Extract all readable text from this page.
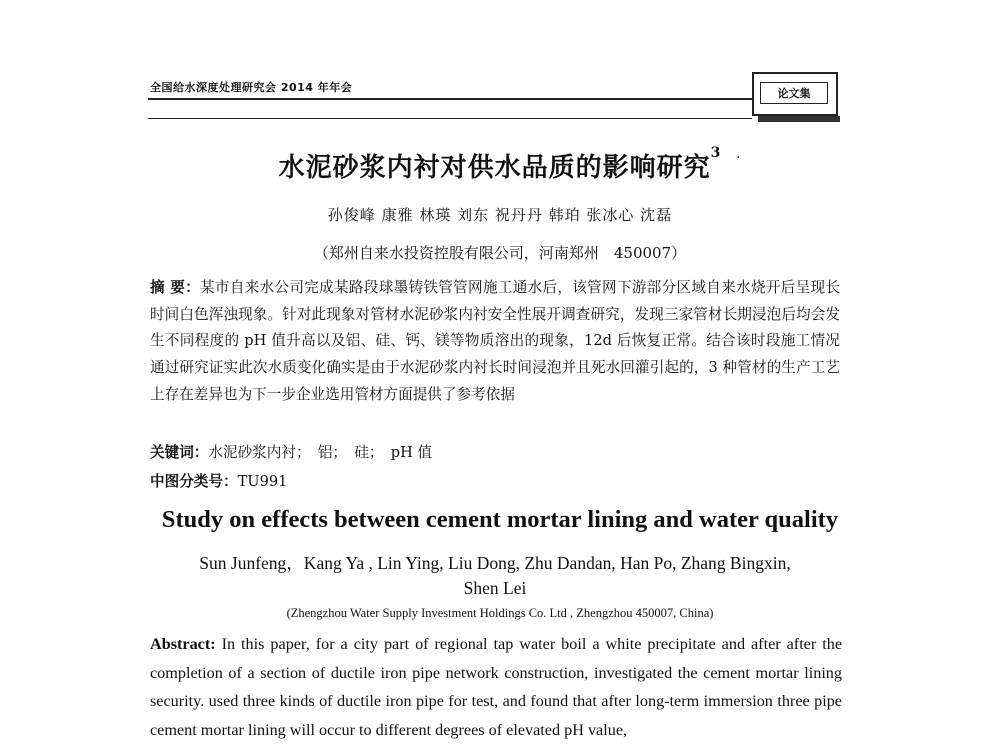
全国给水深度处理研究会 2014 年年会	论文集
水泥砂浆内衬对供水品质的影响研究$^3$	·
孙俊峰 康雅 林瑛 刘东 祝丹丹 韩珀 张冰心 沈磊
（郑州自来水投资控股有限公司，河南郑州　450007）
摘 要：某市自来水公司完成某路段球墨铸铁管管网施工通水后，该管网下游部分区域自来水烧开后呈现长时间白色浑浊现象。针对此现象对管材水泥砂浆内衬安全性展开调查研究，发现三家管材长期浸泡后均会发生不同程度的 pH 值升高以及铝、硅、钙、镁等物质溶出的现象，12d 后恢复正常。结合该时段施工情况通过研究证实此次水质变化确实是由于水泥砂浆内衬长时间浸泡并且死水回灌引起的，3 种管材的生产工艺上存在差异也为下一步企业选用管材方面提供了参考依据
关键词：水泥砂浆内衬；　铝；　硅；　pH 值
中图分类号：TU991
Study on effects between cement mortar lining and water quality
Sun Junfeng，Kang Ya , Lin Ying, Liu Dong, Zhu Dandan, Han Po, Zhang Bingxin,
Shen Lei
(Zhengzhou Water Supply Investment Holdings Co. Ltd , Zhengzhou 450007, China)
Abstract: In this paper, for a city part of regional tap water boil a white precipitate and after after the completion of a section of ductile iron pipe network construction, investigated the cement mortar lining security. used three kinds of ductile iron pipe for test, and found that after long-term immersion three pipe cement mortar lining will occur to different degrees of elevated pH value,
